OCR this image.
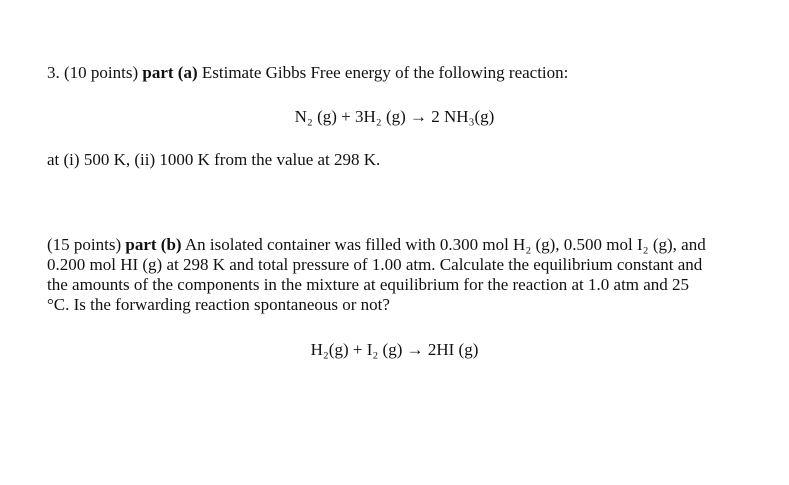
3. (10 points) part (a) Estimate Gibbs Free energy of the following reaction:
N₂ (g) + 3H₂ (g) → 2 NH₃(g)
at (i) 500 K, (ii) 1000 K from the value at 298 K.
(15 points) part (b) An isolated container was filled with 0.300 mol H₂ (g), 0.500 mol I₂ (g), and
0.200 mol HI (g) at 298 K and total pressure of 1.00 atm. Calculate the equilibrium constant and
the amounts of the components in the mixture at equilibrium for the reaction at 1.0 atm and 25
°C. Is the forwarding reaction spontaneous or not?
H₂(g) + I₂ (g) → 2HI (g)
